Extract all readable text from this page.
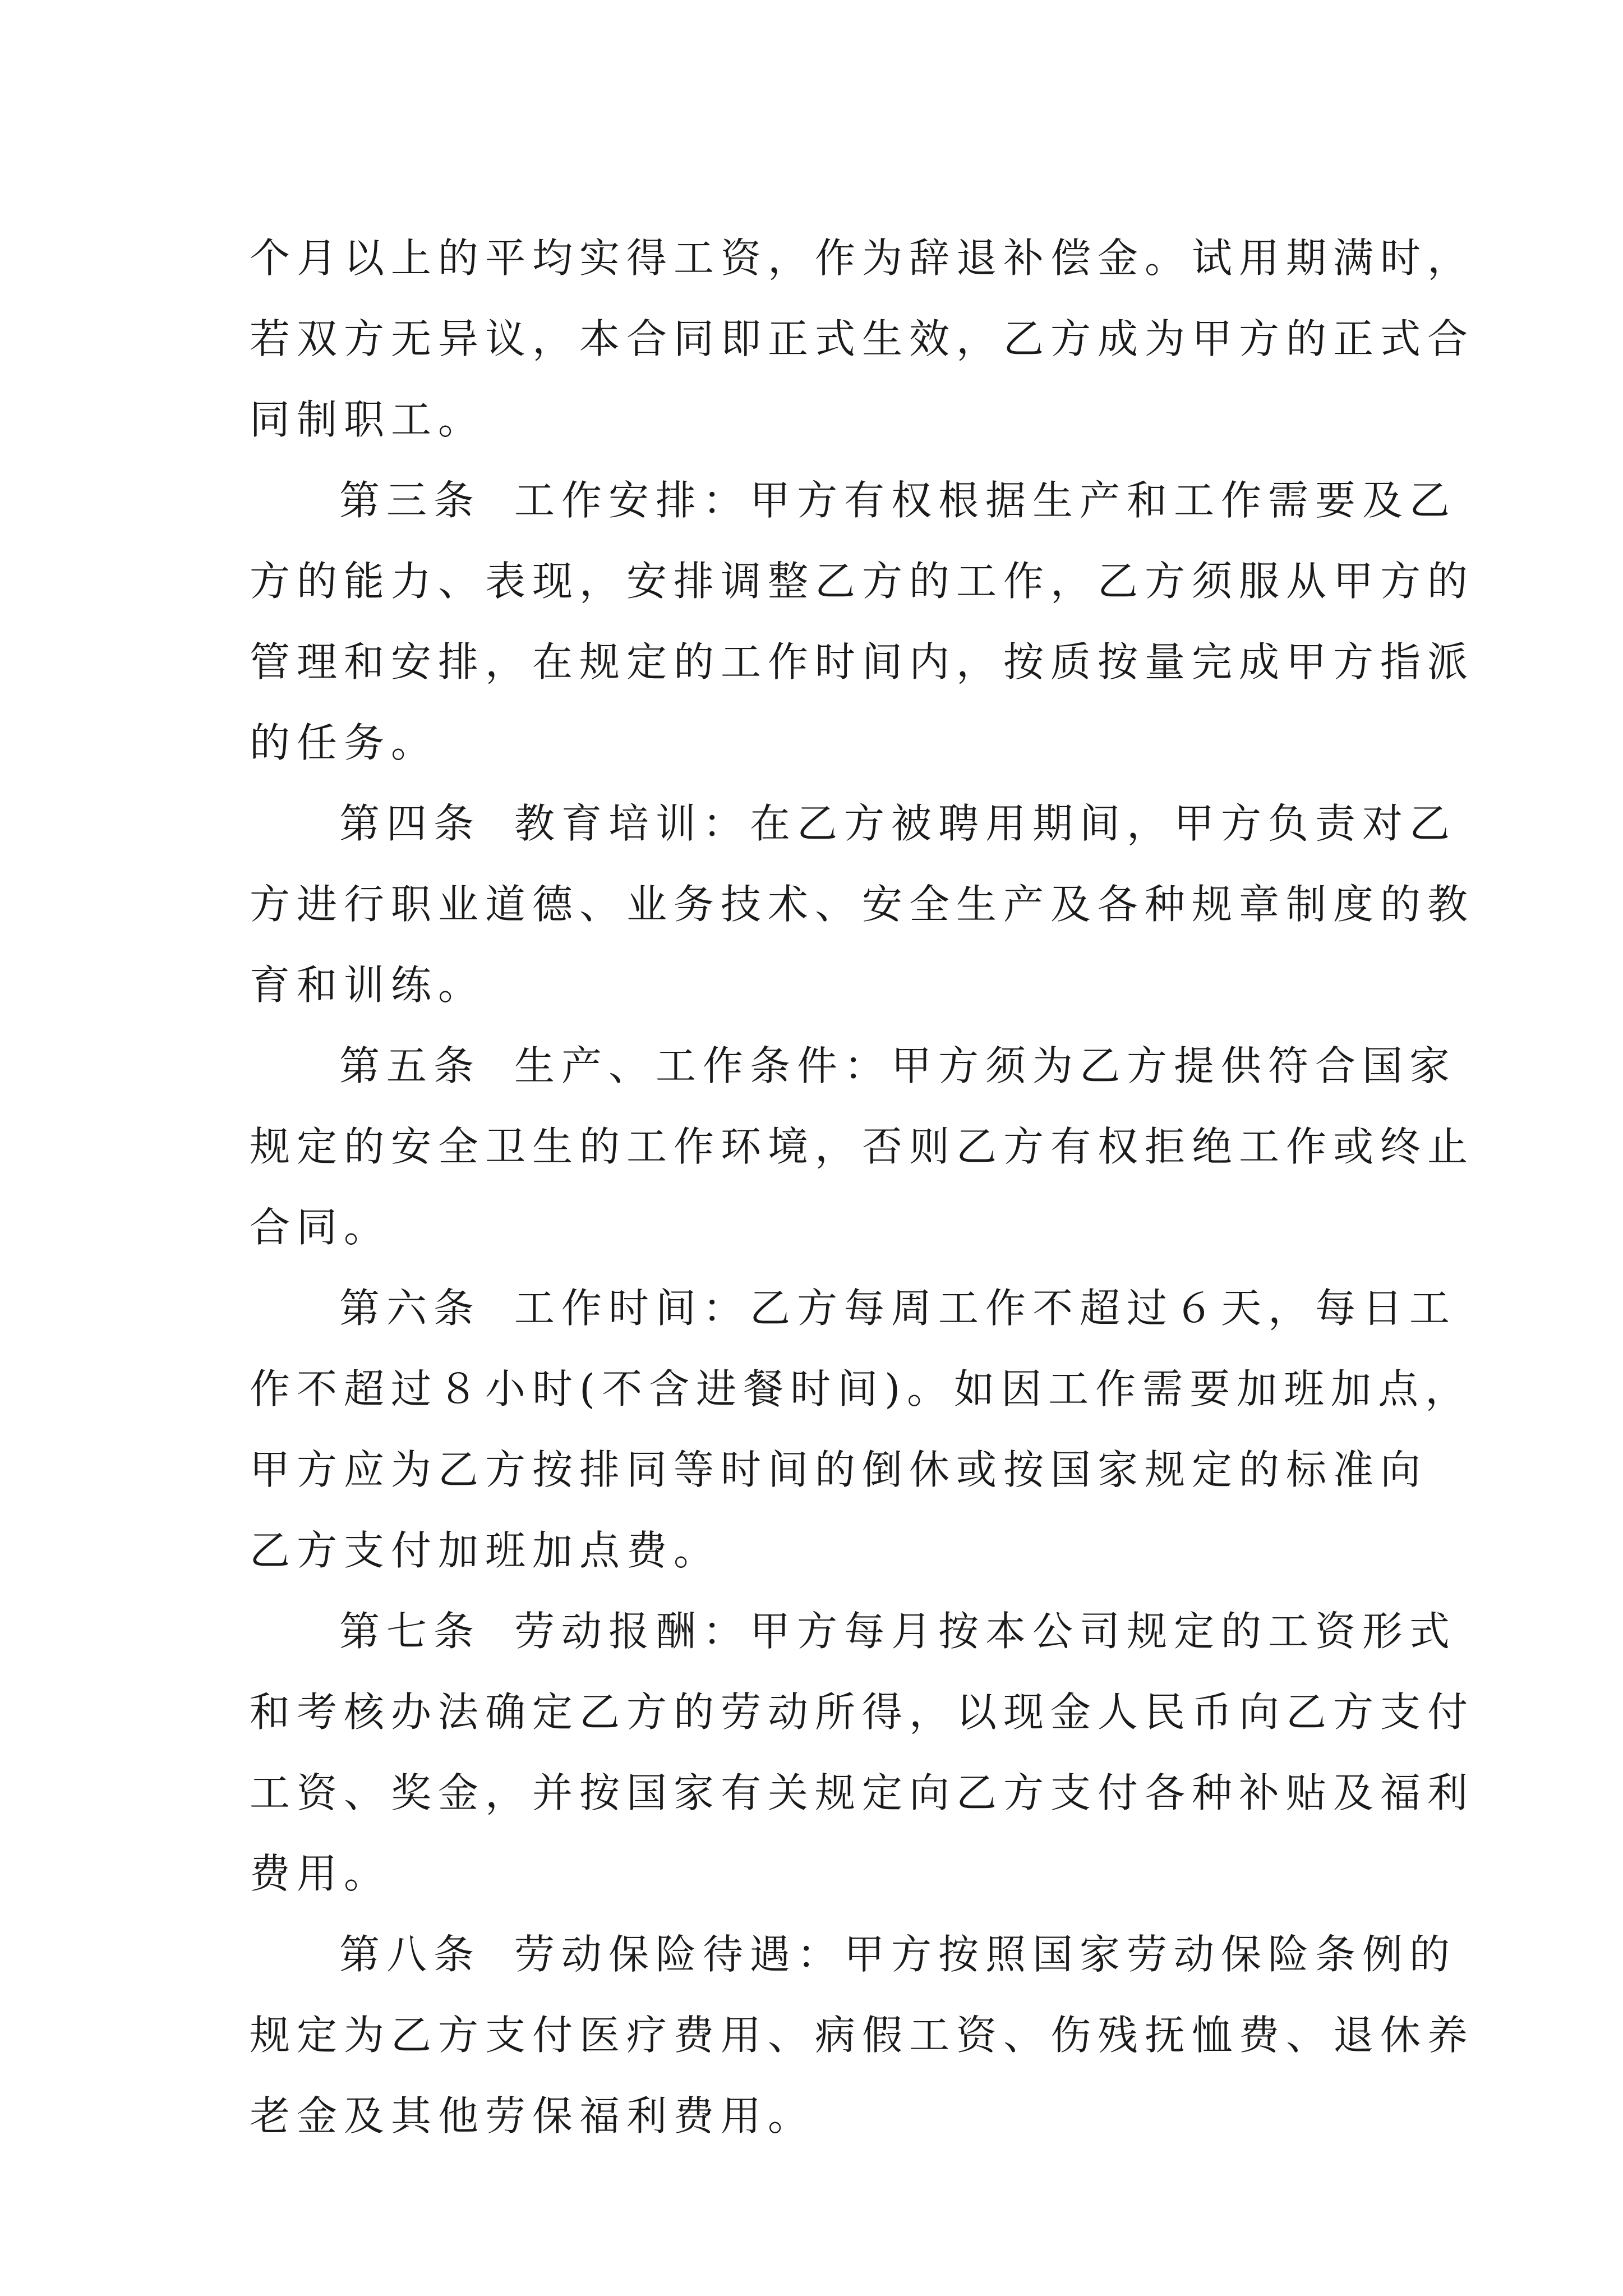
个月以上的平均实得工资，作为辞退补偿金。试用期满时，
若双方无异议，本合同即正式生效，乙方成为甲方的正式合
同制职工。
第三条 工作安排：甲方有权根据生产和工作需要及乙
方的能力、表现，安排调整乙方的工作，乙方须服从甲方的
管理和安排，在规定的工作时间内，按质按量完成甲方指派
的任务。
第四条 教育培训：在乙方被聘用期间，甲方负责对乙
方进行职业道德、业务技术、安全生产及各种规章制度的教
育和训练。
第五条 生产、工作条件：甲方须为乙方提供符合国家
规定的安全卫生的工作环境，否则乙方有权拒绝工作或终止
合同。
第六条 工作时间：乙方每周工作不超过６天，每日工
作不超过８小时(不含进餐时间)。如因工作需要加班加点，
甲方应为乙方按排同等时间的倒休或按国家规定的标准向
乙方支付加班加点费。
第七条 劳动报酬：甲方每月按本公司规定的工资形式
和考核办法确定乙方的劳动所得，以现金人民币向乙方支付
工资、奖金，并按国家有关规定向乙方支付各种补贴及福利
费用。
第八条 劳动保险待遇：甲方按照国家劳动保险条例的
规定为乙方支付医疗费用、病假工资、伤残抚恤费、退休养
老金及其他劳保福利费用。
